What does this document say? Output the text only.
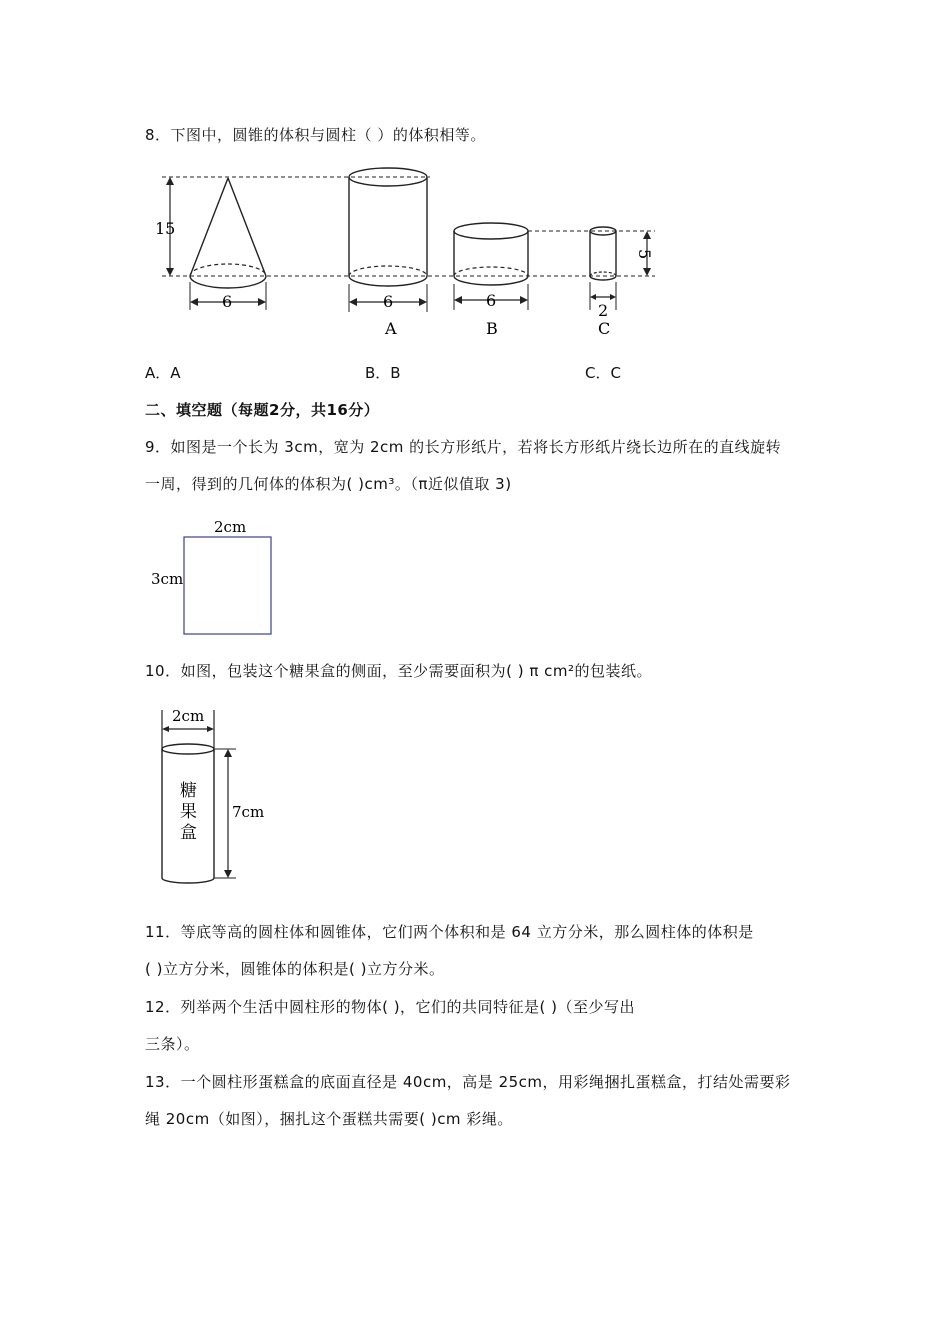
8．下图中，圆锥的体积与圆柱（ ）的体积相等。
15
6	6
A
6
B
5
2
C
A．A	B．B	C．C
二、填空题（每题2分，共16分）
9．如图是一个长为 3cm，宽为 2cm 的长方形纸片，若将长方形纸片绕长边所在的直线旋转
一周，得到的几何体的体积为( )cm³。（π近似值取 3)
2cm
3cm
10．如图，包装这个糖果盒的侧面，至少需要面积为( ) π cm²的包装纸。
2cm
糖
果
盒
7cm
11．等底等高的圆柱体和圆锥体，它们两个体积和是 64 立方分米，那么圆柱体的体积是
( )立方分米，圆锥体的体积是( )立方分米。
12．列举两个生活中圆柱形的物体( )，它们的共同特征是( )（至少写出
三条）。
13．一个圆柱形蛋糕盒的底面直径是 40cm，高是 25cm，用彩绳捆扎蛋糕盒，打结处需要彩
绳 20cm（如图），捆扎这个蛋糕共需要( )cm 彩绳。
